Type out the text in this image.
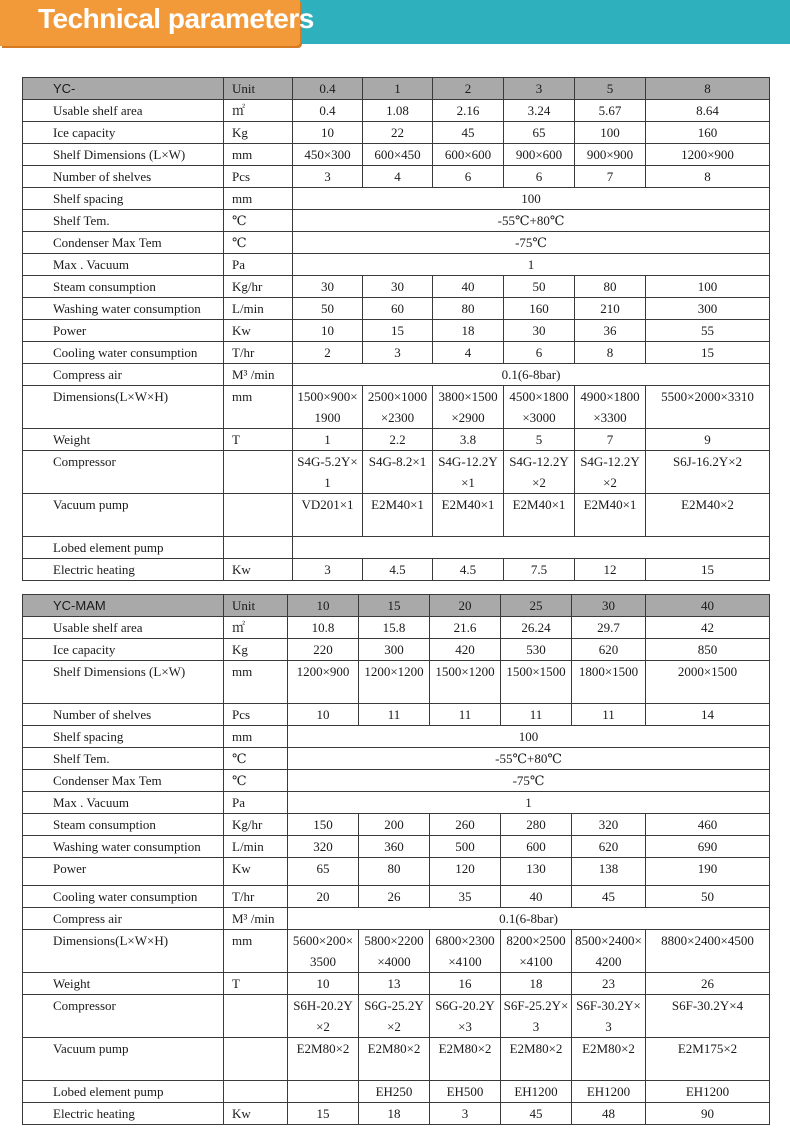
Technical parameters
YC-	Unit	0.4	1	2	3	5	8
Usable shelf area	㎡	0.4	1.08	2.16	3.24	5.67	8.64
Ice capacity	Kg	10	22	45	65	100	160
Shelf Dimensions (L×W)	mm	450×300	600×450	600×600	900×600	900×900	1200×900
Number of shelves	Pcs	3	4	6	6	7	8
Shelf spacing	mm	100					
Shelf Tem.	℃	-55℃+80℃					
Condenser Max Tem	℃	-75℃					
Max . Vacuum	Pa	1					
Steam consumption	Kg/hr	30	30	40	50	80	100
Washing water consumption	L/min	50	60	80	160	210	300
Power	Kw	10	15	18	30	36	55
Cooling water consumption	T/hr	2	3	4	6	8	15
Compress air	M³ /min	0.1(6-8bar)					
Dimensions(L×W×H)	mm	1500×900×1900	2500×1000×2300	3800×1500×2900	4500×1800×3000	4900×1800×3300	5500×2000×3310
Weight	T	1	2.2	3.8	5	7	9
Compressor		S4G-5.2Y×1	S4G-8.2×1	S4G-12.2Y×1	S4G-12.2Y×2	S4G-12.2Y×2	S6J-16.2Y×2
Vacuum pump		VD201×1	E2M40×1	E2M40×1	E2M40×1	E2M40×1	E2M40×2
Lobed element pump							
Electric heating	Kw	3	4.5	4.5	7.5	12	15
YC-MAM	Unit	10	15	20	25	30	40
Usable shelf area	㎡	10.8	15.8	21.6	26.24	29.7	42
Ice capacity	Kg	220	300	420	530	620	850
Shelf Dimensions (L×W)	mm	1200×900	1200×1200	1500×1200	1500×1500	1800×1500	2000×1500
Number of shelves	Pcs	10	11	11	11	11	14
Shelf spacing	mm	100					
Shelf Tem.	℃	-55℃+80℃					
Condenser Max Tem	℃	-75℃					
Max . Vacuum	Pa	1					
Steam consumption	Kg/hr	150	200	260	280	320	460
Washing water consumption	L/min	320	360	500	600	620	690
Power	Kw	65	80	120	130	138	190
Cooling water consumption	T/hr	20	26	35	40	45	50
Compress air	M³ /min	0.1(6-8bar)					
Dimensions(L×W×H)	mm	5600×200×3500	5800×2200×4000	6800×2300×4100	8200×2500×4100	8500×2400×4200	8800×2400×4500
Weight	T	10	13	16	18	23	26
Compressor		S6H-20.2Y×2	S6G-25.2Y×2	S6G-20.2Y×3	S6F-25.2Y×3	S6F-30.2Y×3	S6F-30.2Y×4
Vacuum pump		E2M80×2	E2M80×2	E2M80×2	E2M80×2	E2M80×2	E2M175×2
Lobed element pump			EH250	EH500	EH1200	EH1200	EH1200
Electric heating	Kw	15	18	3	45	48	90
